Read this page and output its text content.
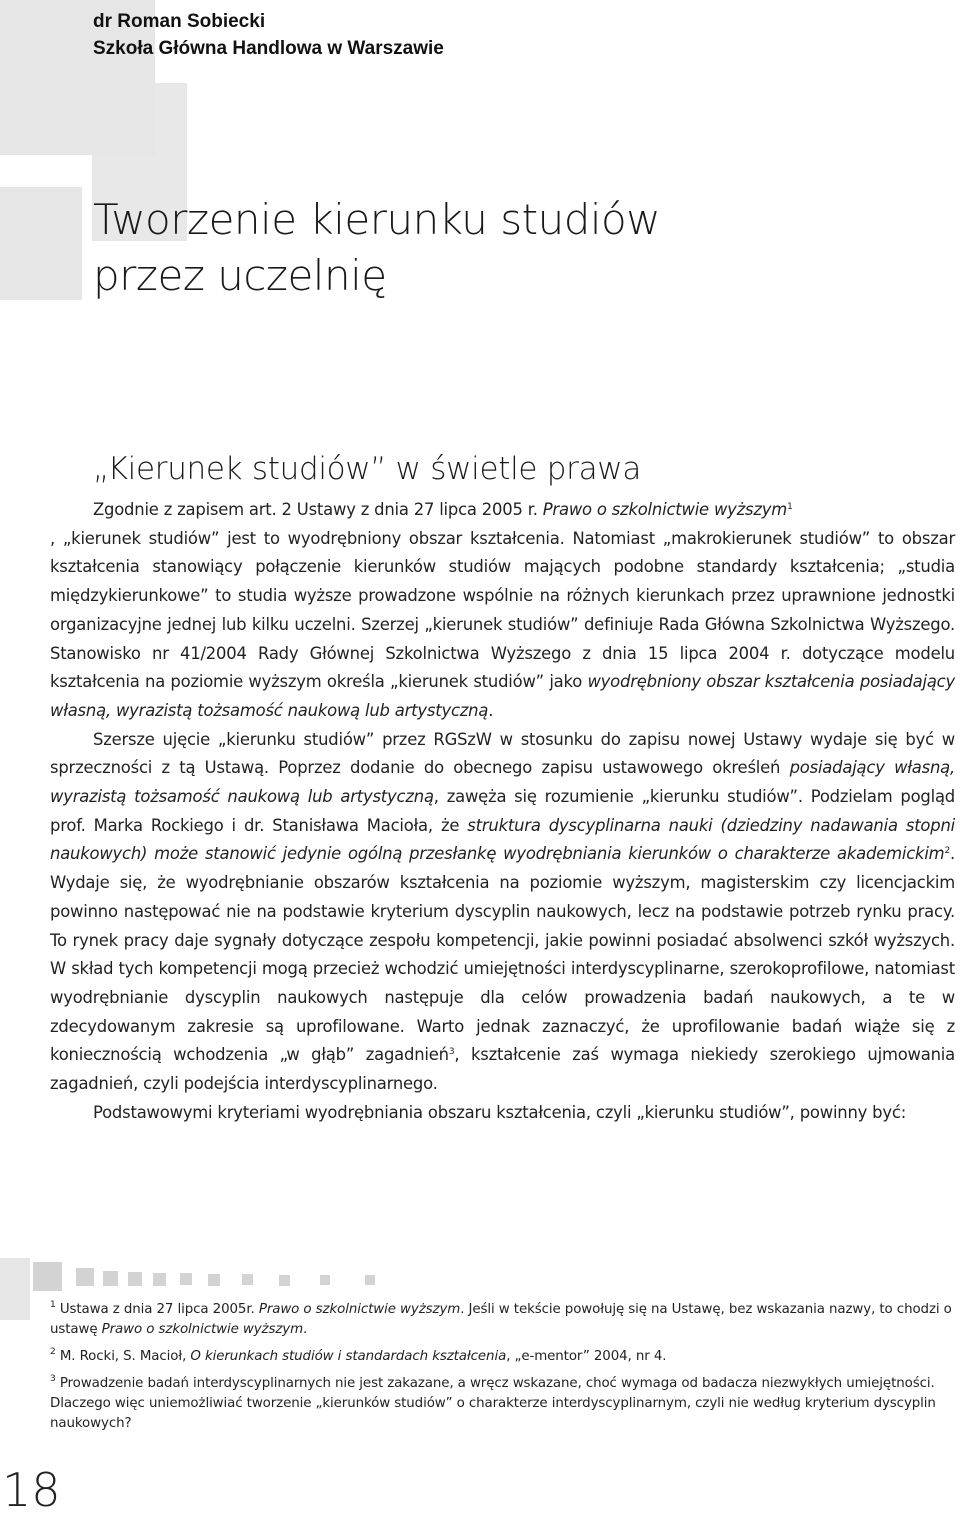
dr Roman Sobiecki
Szkoła Główna Handlowa w Warszawie
Tworzenie kierunku studiów
przez uczelnię
„Kierunek studiów” w świetle prawa

Zgodnie z zapisem art. 2 Ustawy z dnia 27 lipca 2005 r. Prawo o szkolnictwie wyższym$^1$
, „kierunek studiów” jest to wyodrębniony obszar kształcenia. Natomiast „makrokierunek studiów” to obszar kształcenia stanowiący połączenie kierunków studiów mających podobne standardy kształcenia; „studia międzykierunkowe” to studia wyższe prowadzone wspólnie na różnych kierunkach przez uprawnione jednostki organizacyjne jednej lub kilku uczelni. Szerzej „kierunek studiów” definiuje Rada Główna Szkolnictwa Wyższego. Stanowisko nr 41/2004 Rady Głównej Szkolnictwa Wyższego z dnia 15 lipca 2004 r. dotyczące modelu kształcenia na poziomie wyższym określa „kierunek studiów” jako wyodrębniony obszar kształcenia posiadający własną, wyrazistą tożsamość naukową lub artystyczną.

Szersze ujęcie „kierunku studiów” przez RGSzW w stosunku do zapisu nowej Ustawy wydaje się być w sprzeczności z tą Ustawą. Poprzez dodanie do obecnego zapisu ustawowego określeń posiadający własną, wyrazistą tożsamość naukową lub artystyczną, zawęża się rozumienie „kierunku studiów”. Podzielam pogląd prof. Marka Rockiego i dr. Stanisława Macioła, że struktura dyscyplinarna nauki (dziedziny nadawania stopni naukowych) może stanowić jedynie ogólną przesłankę wyodrębniania kierunków o charakterze akademickim$^2$. Wydaje się, że wyodrębnianie obszarów kształcenia na poziomie wyższym, magisterskim czy licencjackim powinno następować nie na podstawie kryterium dyscyplin naukowych, lecz na podstawie potrzeb rynku pracy. To rynek pracy daje sygnały dotyczące zespołu kompetencji, jakie powinni posiadać absolwenci szkół wyższych. W skład tych kompetencji mogą przecież wchodzić umiejętności interdyscyplinarne, szerokoprofilowe, natomiast wyodrębnianie dyscyplin naukowych następuje dla celów prowadzenia badań naukowych, a te w zdecydowanym zakresie są uprofilowane. Warto jednak zaznaczyć, że uprofilowanie badań wiąże się z koniecznością wchodzenia „w głąb” zagadnień$^3$, kształcenie zaś wymaga niekiedy szerokiego ujmowania zagadnień, czyli podejścia interdyscyplinarnego.

Podstawowymi kryteriami wyodrębniania obszaru kształcenia, czyli „kierunku studiów”, powinny być:

$^1$ Ustawa z dnia 27 lipca 2005r. Prawo o szkolnictwie wyższym. Jeśli w tekście powołuję się na Ustawę, bez wskazania nazwy, to chodzi o ustawę Prawo o szkolnictwie wyższym.

$^2$ M. Rocki, S. Macioł, O kierunkach studiów i standardach kształcenia, „e-mentor” 2004, nr 4.

$^3$ Prowadzenie badań interdyscyplinarnych nie jest zakazane, a wręcz wskazane, choć wymaga od badacza niezwykłych umiejętności. Dlaczego więc uniemożliwiać tworzenie „kierunków studiów” o charakterze interdyscyplinarnym, czyli nie według kryterium dyscyplin naukowych?

18
